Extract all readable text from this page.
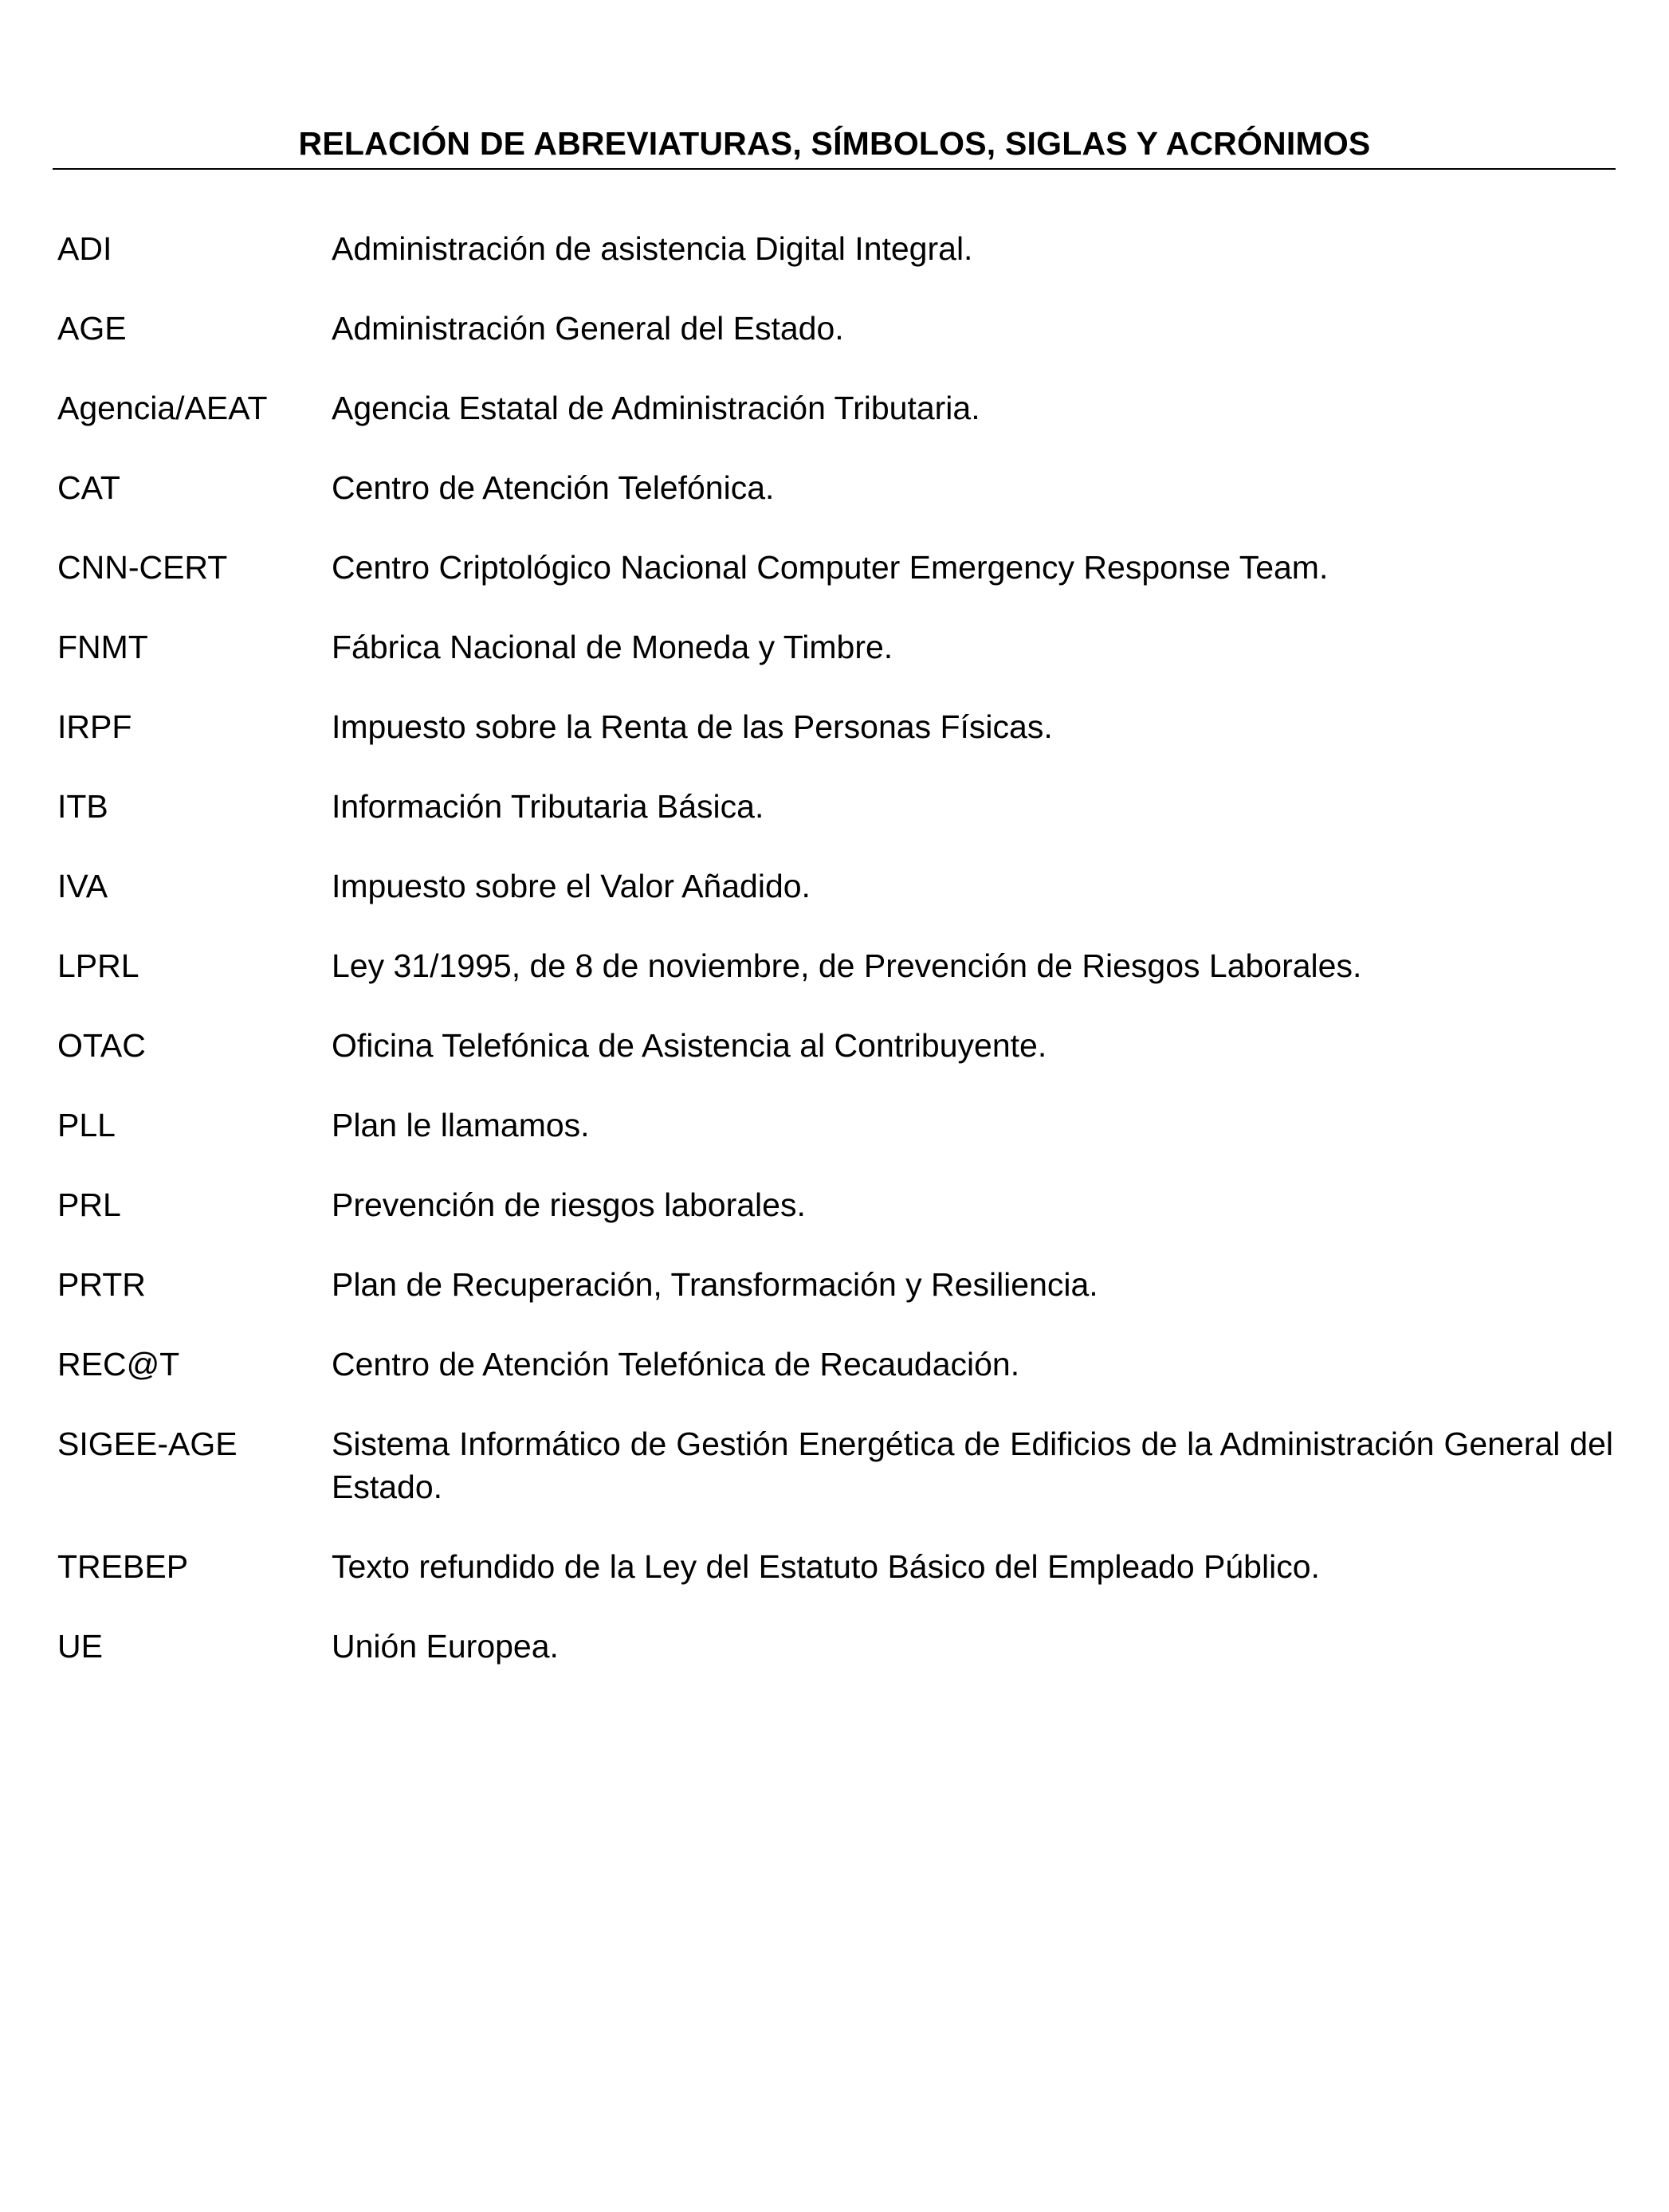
RELACIÓN DE ABREVIATURAS, SÍMBOLOS, SIGLAS Y ACRÓNIMOS
ADI	Administración de asistencia Digital Integral.
AGE	Administración General del Estado.
Agencia/AEAT	Agencia Estatal de Administración Tributaria.
CAT	Centro de Atención Telefónica.
CNN-CERT	Centro Criptológico Nacional Computer Emergency Response Team.
FNMT	Fábrica Nacional de Moneda y Timbre.
IRPF	Impuesto sobre la Renta de las Personas Físicas.
ITB	Información Tributaria Básica.
IVA	Impuesto sobre el Valor Añadido.
LPRL	Ley 31/1995, de 8 de noviembre, de Prevención de Riesgos Laborales.
OTAC	Oficina Telefónica de Asistencia al Contribuyente.
PLL	Plan le llamamos.
PRL	Prevención de riesgos laborales.
PRTR	Plan de Recuperación, Transformación y Resiliencia.
REC@T	Centro de Atención Telefónica de Recaudación.
SIGEE-AGE	Sistema Informático de Gestión Energética de Edificios de la Administración General del Estado.
TREBEP	Texto refundido de la Ley del Estatuto Básico del Empleado Público.
UE	Unión Europea.
